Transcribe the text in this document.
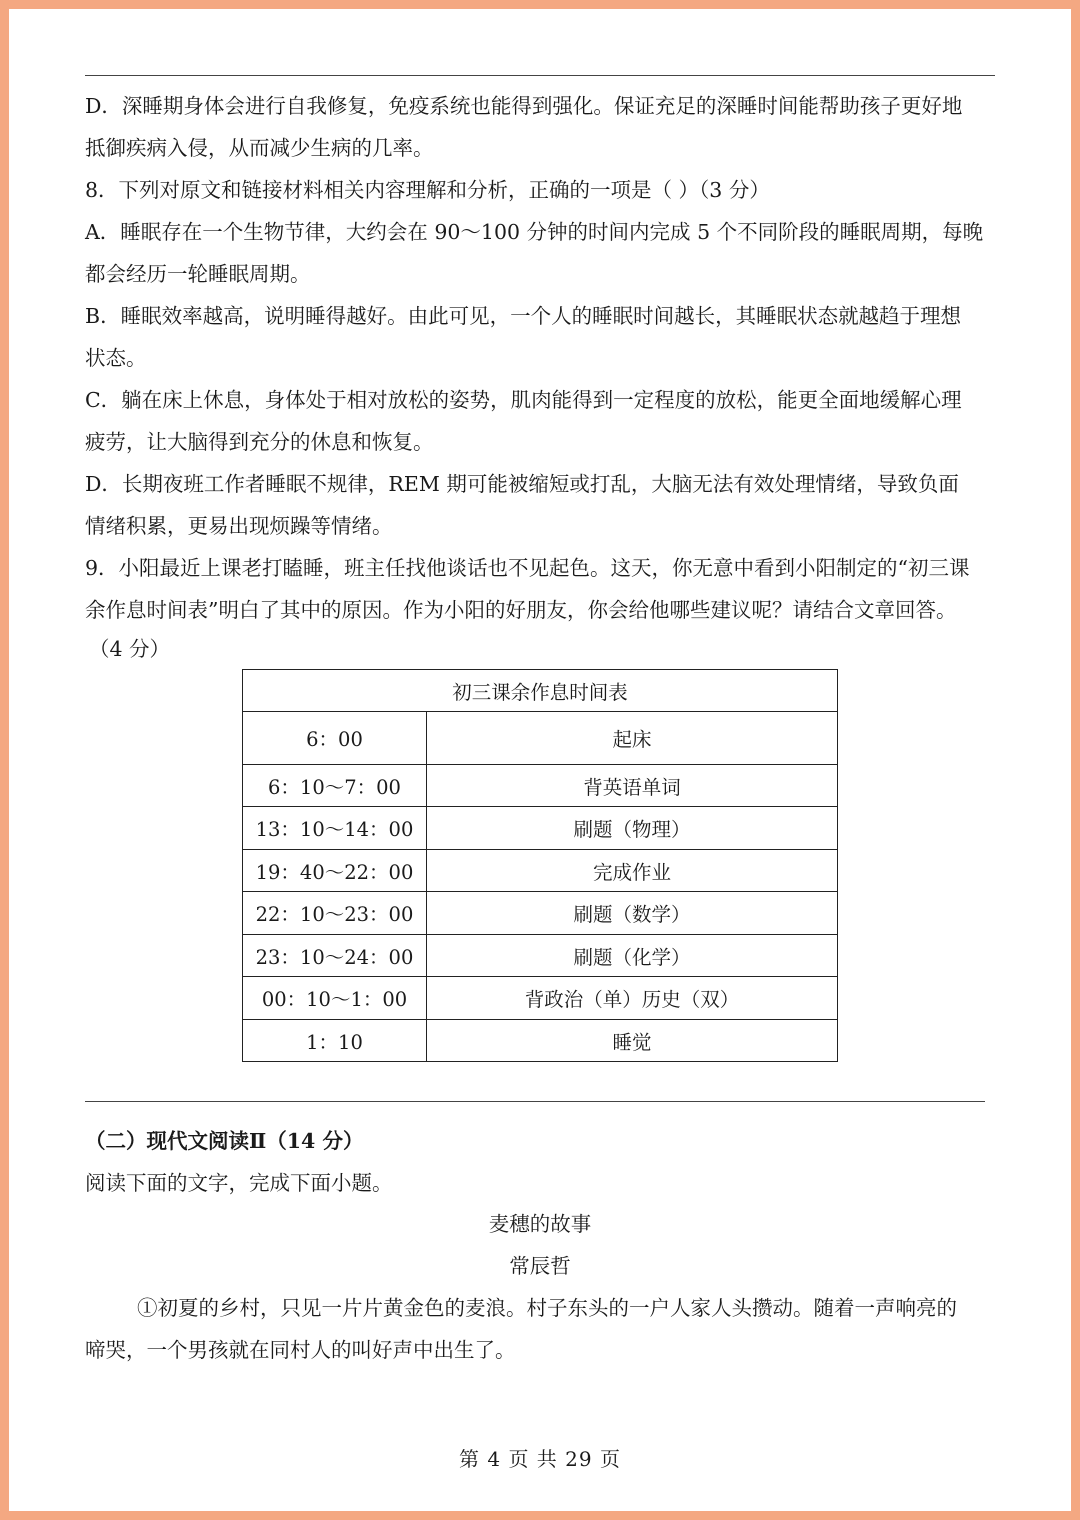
D．深睡期身体会进行自我修复，免疫系统也能得到强化。保证充足的深睡时间能帮助孩子更好地
抵御疾病入侵，从而减少生病的几率。
8．下列对原文和链接材料相关内容理解和分析，正确的一项是（ ）（3 分）
A．睡眠存在一个生物节律，大约会在 90～100 分钟的时间内完成 5 个不同阶段的睡眠周期，每晚
都会经历一轮睡眠周期。
B．睡眠效率越高，说明睡得越好。由此可见，一个人的睡眠时间越长，其睡眠状态就越趋于理想
状态。
C．躺在床上休息，身体处于相对放松的姿势，肌肉能得到一定程度的放松，能更全面地缓解心理
疲劳，让大脑得到充分的休息和恢复。
D．长期夜班工作者睡眠不规律，REM 期可能被缩短或打乱，大脑无法有效处理情绪，导致负面
情绪积累，更易出现烦躁等情绪。
9．小阳最近上课老打瞌睡，班主任找他谈话也不见起色。这天，你无意中看到小阳制定的“初三课
余作息时间表”明白了其中的原因。作为小阳的好朋友，你会给他哪些建议呢？请结合文章回答。
（4 分）
初三课余作息时间表	
6：00	起床
6：10～7：00	背英语单词
13：10～14：00	刷题（物理）
19：40～22：00	完成作业
22：10～23：00	刷题（数学）
23：10～24：00	刷题（化学）
00：10～1：00	背政治（单）历史（双）
1：10	睡觉
（二）现代文阅读Ⅱ（14 分）
阅读下面的文字，完成下面小题。
麦穗的故事
常辰哲
①初夏的乡村，只见一片片黄金色的麦浪。村子东头的一户人家人头攒动。随着一声响亮的
啼哭，一个男孩就在同村人的叫好声中出生了。
第 4 页 共 29 页
